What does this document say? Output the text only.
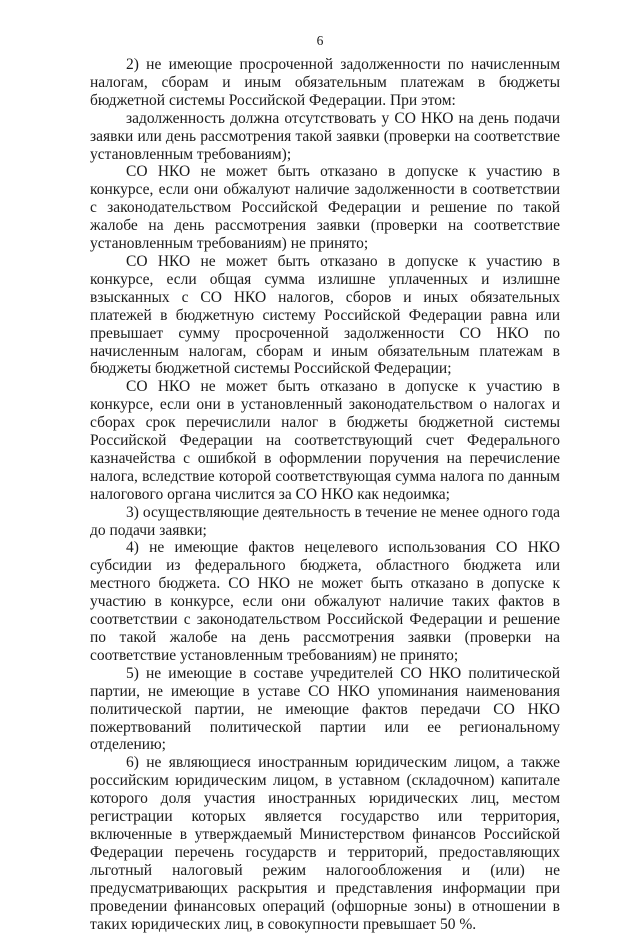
6

2) не имеющие просроченной задолженности по начисленным налогам, сборам и иным обязательным платежам в бюджеты бюджетной системы Российской Федерации. При этом:

задолженность должна отсутствовать у СО НКО на день подачи заявки или день рассмотрения такой заявки (проверки на соответствие установленным требованиям);

СО НКО не может быть отказано в допуске к участию в конкурсе, если они обжалуют наличие задолженности в соответствии с законодательством Российской Федерации и решение по такой жалобе на день рассмотрения заявки (проверки на соответствие установленным требованиям) не принято;

СО НКО не может быть отказано в допуске к участию в конкурсе, если общая сумма излишне уплаченных и излишне взысканных с СО НКО налогов, сборов и иных обязательных платежей в бюджетную систему Российской Федерации равна или превышает сумму просроченной задолженности СО НКО по начисленным налогам, сборам и иным обязательным платежам в бюджеты бюджетной системы Российской Федерации;

СО НКО не может быть отказано в допуске к участию в конкурсе, если они в установленный законодательством о налогах и сборах срок перечислили налог в бюджеты бюджетной системы Российской Федерации на соответствующий счет Федерального казначейства с ошибкой в оформлении поручения на перечисление налога, вследствие которой соответствующая сумма налога по данным налогового органа числится за СО НКО как недоимка;

3) осуществляющие деятельность в течение не менее одного года до подачи заявки;

4) не имеющие фактов нецелевого использования СО НКО субсидии из федерального бюджета, областного бюджета или местного бюджета. СО НКО не может быть отказано в допуске к участию в конкурсе, если они обжалуют наличие таких фактов в соответствии с законодательством Российской Федерации и решение по такой жалобе на день рассмотрения заявки (проверки на соответствие установленным требованиям) не принято;

5) не имеющие в составе учредителей СО НКО политической партии, не имеющие в уставе СО НКО упоминания наименования политической партии, не имеющие фактов передачи СО НКО пожертвований политической партии или ее региональному отделению;

6) не являющиеся иностранным юридическим лицом, а также российским юридическим лицом, в уставном (складочном) капитале которого доля участия иностранных юридических лиц, местом регистрации которых является государство или территория, включенные в утверждаемый Министерством финансов Российской Федерации перечень государств и территорий, предоставляющих льготный налоговый режим налогообложения и (или) не предусматривающих раскрытия и представления информации при проведении финансовых операций (офшорные зоны) в отношении в таких юридических лиц, в совокупности превышает 50 %.
